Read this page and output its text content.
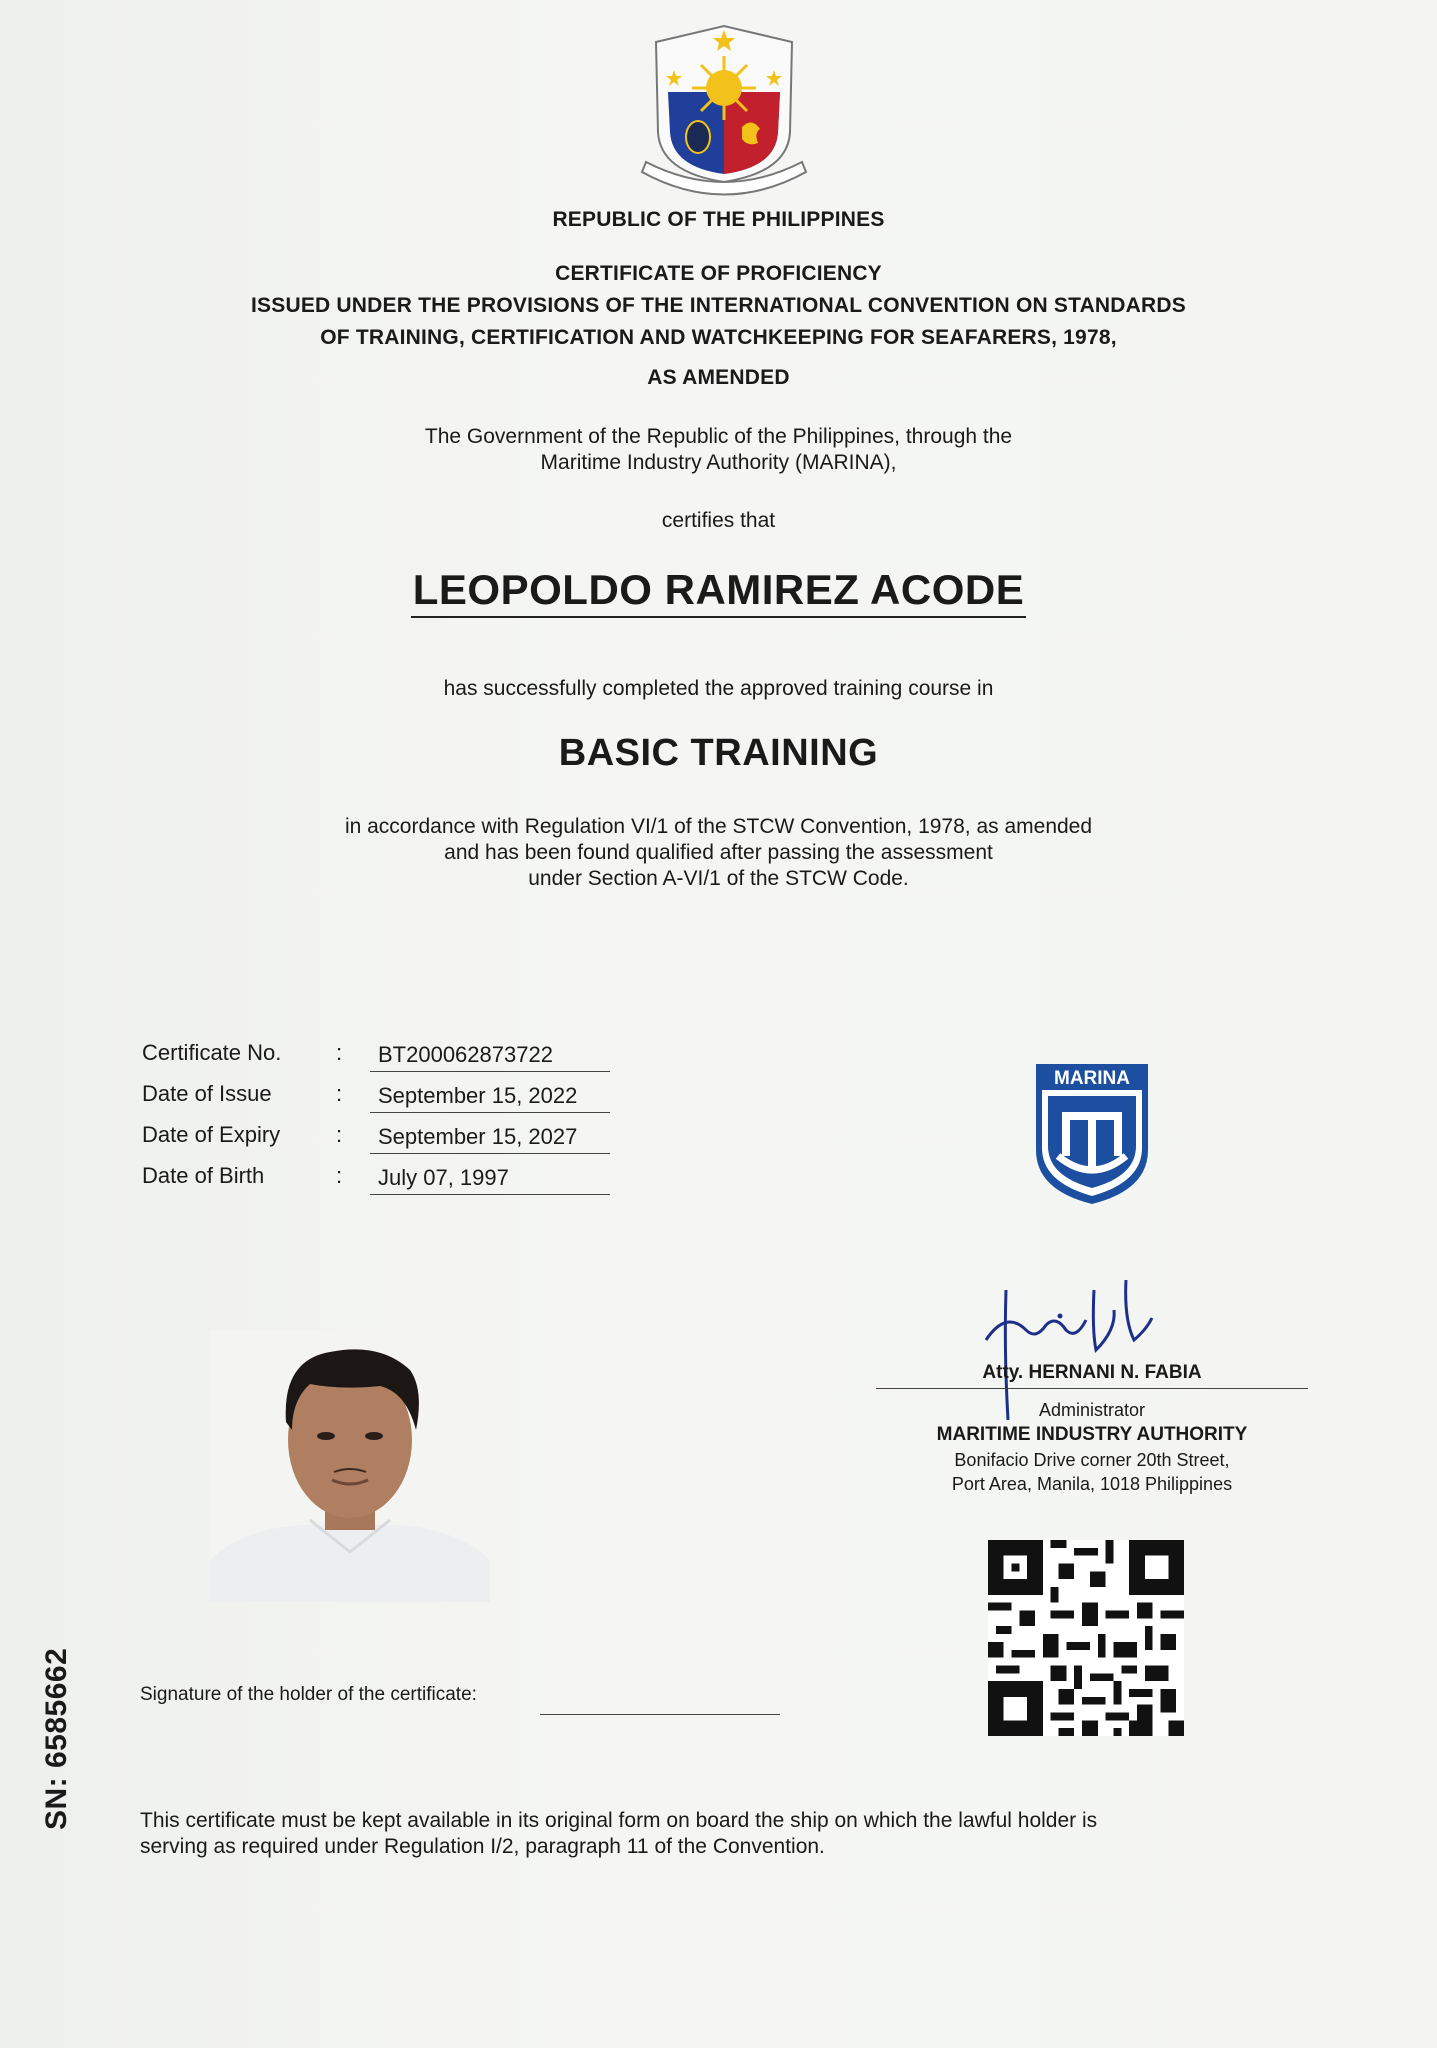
REPUBLIC OF THE PHILIPPINES
CERTIFICATE OF PROFICIENCY
ISSUED UNDER THE PROVISIONS OF THE INTERNATIONAL CONVENTION ON STANDARDS
OF TRAINING, CERTIFICATION AND WATCHKEEPING FOR SEAFARERS, 1978,
AS AMENDED
The Government of the Republic of the Philippines, through the
Maritime Industry Authority (MARINA),
certifies that
LEOPOLDO RAMIREZ ACODE
has successfully completed the approved training course in
BASIC TRAINING
in accordance with Regulation VI/1 of the STCW Convention, 1978, as amended
and has been found qualified after passing the assessment
under Section A-VI/1 of the STCW Code.
Certificate No.	:	BT200062873722
Date of Issue	:	September 15, 2022
Date of Expiry	:	September 15, 2027
Date of Birth	:	July 07, 1997
MARINA
Atty. HERNANI N. FABIA
Administrator
MARITIME INDUSTRY AUTHORITY
Bonifacio Drive corner 20th Street,
Port Area, Manila, 1018 Philippines
Signature of the holder of the certificate:
SN: 6585662	This certificate must be kept available in its original form on board the ship on which the lawful holder is
serving as required under Regulation I/2, paragraph 11 of the Convention.
